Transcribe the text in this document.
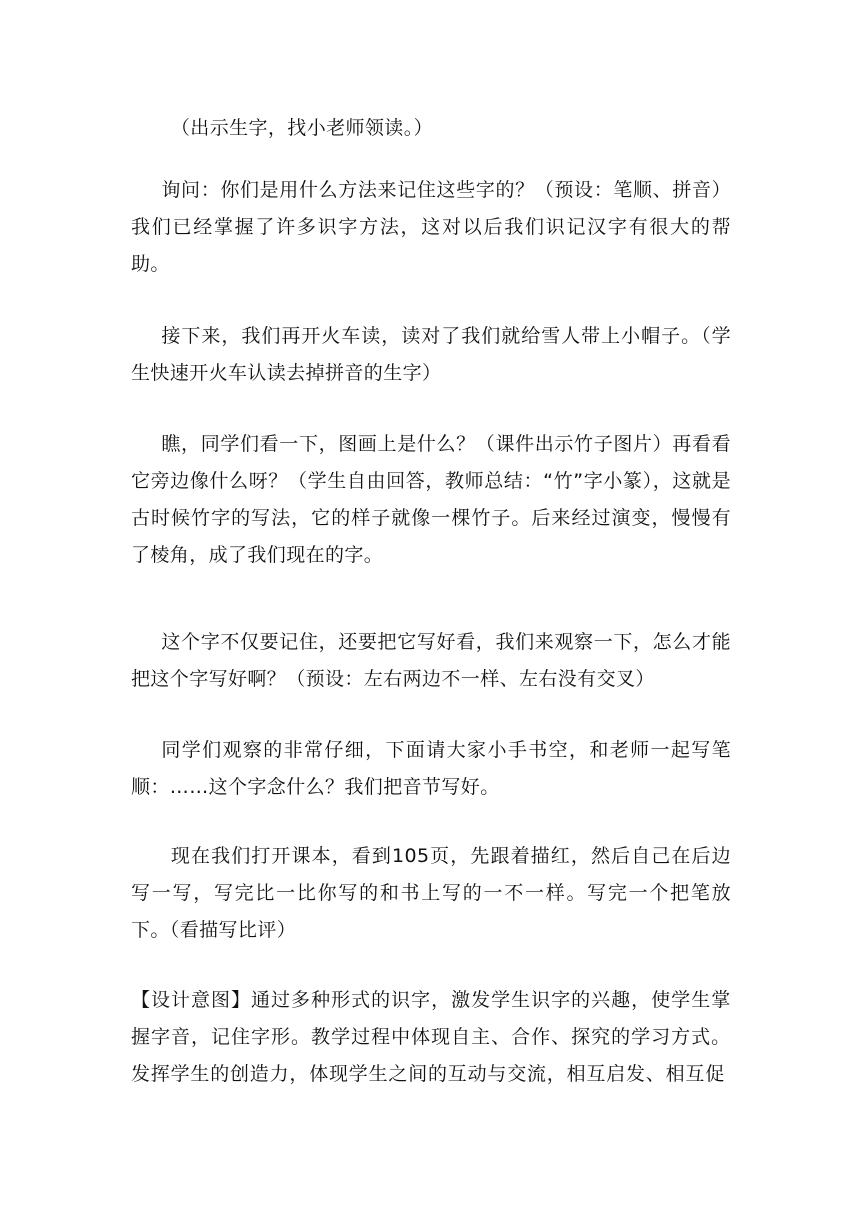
（出示生字，找小老师领读。）

询问：你们是用什么方法来记住这些字的？（预设：笔顺、拼音）我们已经掌握了许多识字方法，这对以后我们识记汉字有很大的帮助。

接下来，我们再开火车读，读对了我们就给雪人带上小帽子。（学生快速开火车认读去掉拼音的生字）

瞧，同学们看一下，图画上是什么？（课件出示竹子图片）再看看它旁边像什么呀？（学生自由回答，教师总结：“竹”字小篆），这就是古时候竹字的写法，它的样子就像一棵竹子。后来经过演变，慢慢有了棱角，成了我们现在的字。

这个字不仅要记住，还要把它写好看，我们来观察一下，怎么才能把这个字写好啊？（预设：左右两边不一样、左右没有交叉）

同学们观察的非常仔细，下面请大家小手书空，和老师一起写笔顺：……这个字念什么？我们把音节写好。

现在我们打开课本，看到105页，先跟着描红，然后自己在后边写一写，写完比一比你写的和书上写的一不一样。写完一个把笔放下。（看描写比评）

【设计意图】通过多种形式的识字，激发学生识字的兴趣，使学生掌握字音，记住字形。教学过程中体现自主、合作、探究的学习方式。发挥学生的创造力，体现学生之间的互动与交流，相互启发、相互促
